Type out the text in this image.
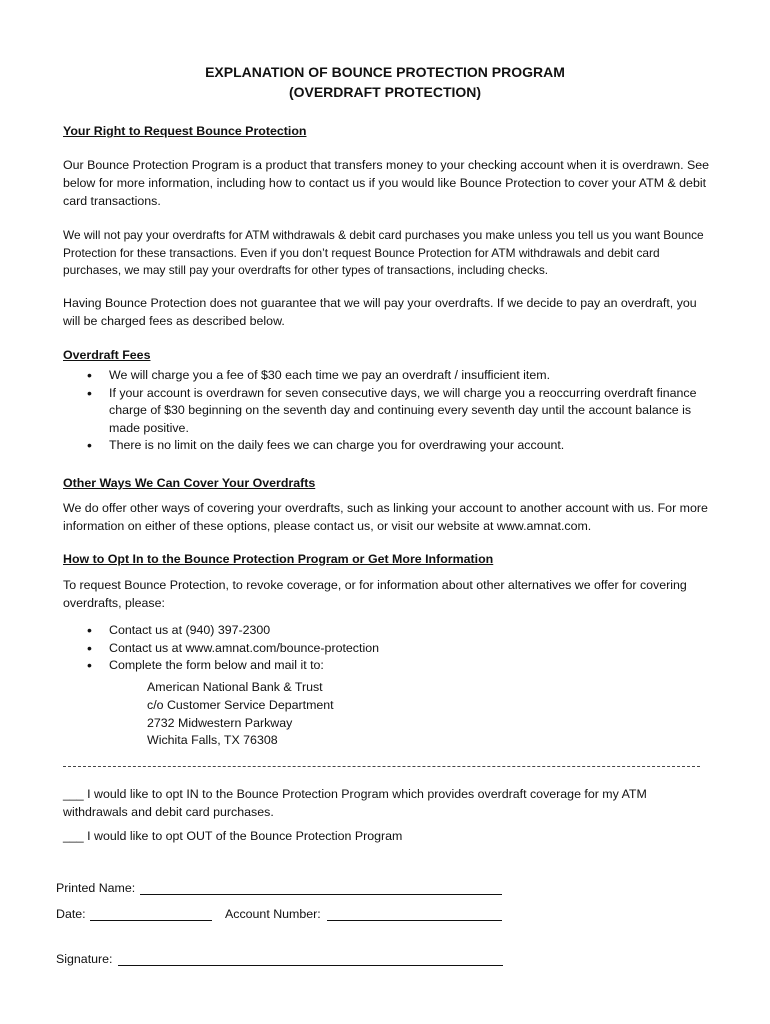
EXPLANATION OF BOUNCE PROTECTION PROGRAM
(OVERDRAFT PROTECTION)
Your Right to Request Bounce Protection

Our Bounce Protection Program is a product that transfers money to your checking account when it is overdrawn. See below for more information, including how to contact us if you would like Bounce Protection to cover your ATM & debit card transactions.

We will not pay your overdrafts for ATM withdrawals & debit card purchases you make unless you tell us you want Bounce Protection for these transactions. Even if you don’t request Bounce Protection for ATM withdrawals and debit card purchases, we may still pay your overdrafts for other types of transactions, including checks.

Having Bounce Protection does not guarantee that we will pay your overdrafts. If we decide to pay an overdraft, you will be charged fees as described below.

Overdraft Fees
• We will charge you a fee of $30 each time we pay an overdraft / insufficient item.
• If your account is overdrawn for seven consecutive days, we will charge you a reoccurring overdraft finance charge of $30 beginning on the seventh day and continuing every seventh day until the account balance is made positive.
• There is no limit on the daily fees we can charge you for overdrawing your account.
Other Ways We Can Cover Your Overdrafts

We do offer other ways of covering your overdrafts, such as linking your account to another account with us. For more information on either of these options, please contact us, or visit our website at www.amnat.com.

How to Opt In to the Bounce Protection Program or Get More Information

To request Bounce Protection, to revoke coverage, or for information about other alternatives we offer for covering overdrafts, please:

• Contact us at (940) 397-2300
• Contact us at www.amnat.com/bounce-protection
• Complete the form below and mail it to:
American National Bank & Trust
c/o Customer Service Department
2732 Midwestern Parkway
Wichita Falls, TX 76308

___ I would like to opt IN to the Bounce Protection Program which provides overdraft coverage for my ATM withdrawals and debit card purchases.

___ I would like to opt OUT of the Bounce Protection Program
Printed Name:
Date:	Account Number:
Signature:
